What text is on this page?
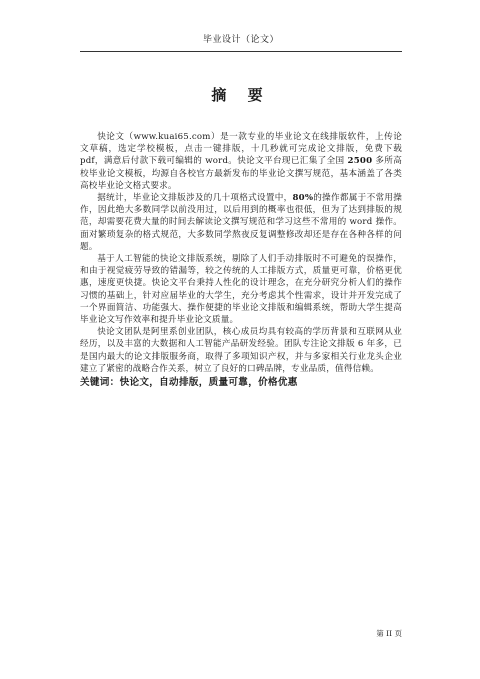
毕业设计（论文）
摘 要

快论文（www.kuai65.com）是一款专业的毕业论文在线排版软件，上传论文草稿，选定学校模板，点击一键排版，十几秒就可完成论文排版，免费下载 pdf，满意后付款下载可编辑的 word。快论文平台现已汇集了全国 2500 多所高校毕业论文模板，均源自各校官方最新发布的毕业论文撰写规范，基本涵盖了各类高校毕业论文格式要求。

据统计，毕业论文排版涉及的几十项格式设置中，80%的操作都属于不常用操作，因此绝大多数同学以前没用过，以后用到的概率也很低，但为了达到排版的规范，却需要花费大量的时间去解读论文撰写规范和学习这些不常用的 word 操作。面对繁琐复杂的格式规范，大多数同学熬夜反复调整修改却还是存在各种各样的问题。

基于人工智能的快论文排版系统，剔除了人们手动排版时不可避免的误操作，和由于视觉疲劳导致的错漏等，较之传统的人工排版方式，质量更可靠，价格更优惠，速度更快捷。快论文平台秉持人性化的设计理念，在充分研究分析人们的操作习惯的基础上，针对应届毕业的大学生，充分考虑其个性需求，设计并开发完成了一个界面简洁、功能强大、操作便捷的毕业论文排版和编辑系统，帮助大学生提高毕业论文写作效率和提升毕业论文质量。

快论文团队是阿里系创业团队，核心成员均具有较高的学历背景和互联网从业经历，以及丰富的大数据和人工智能产品研发经验。团队专注论文排版 6 年多，已是国内最大的论文排版服务商，取得了多项知识产权，并与多家相关行业龙头企业建立了紧密的战略合作关系，树立了良好的口碑品牌，专业品质，值得信赖。

关键词：快论文，自动排版，质量可靠，价格优惠

第 II 页
